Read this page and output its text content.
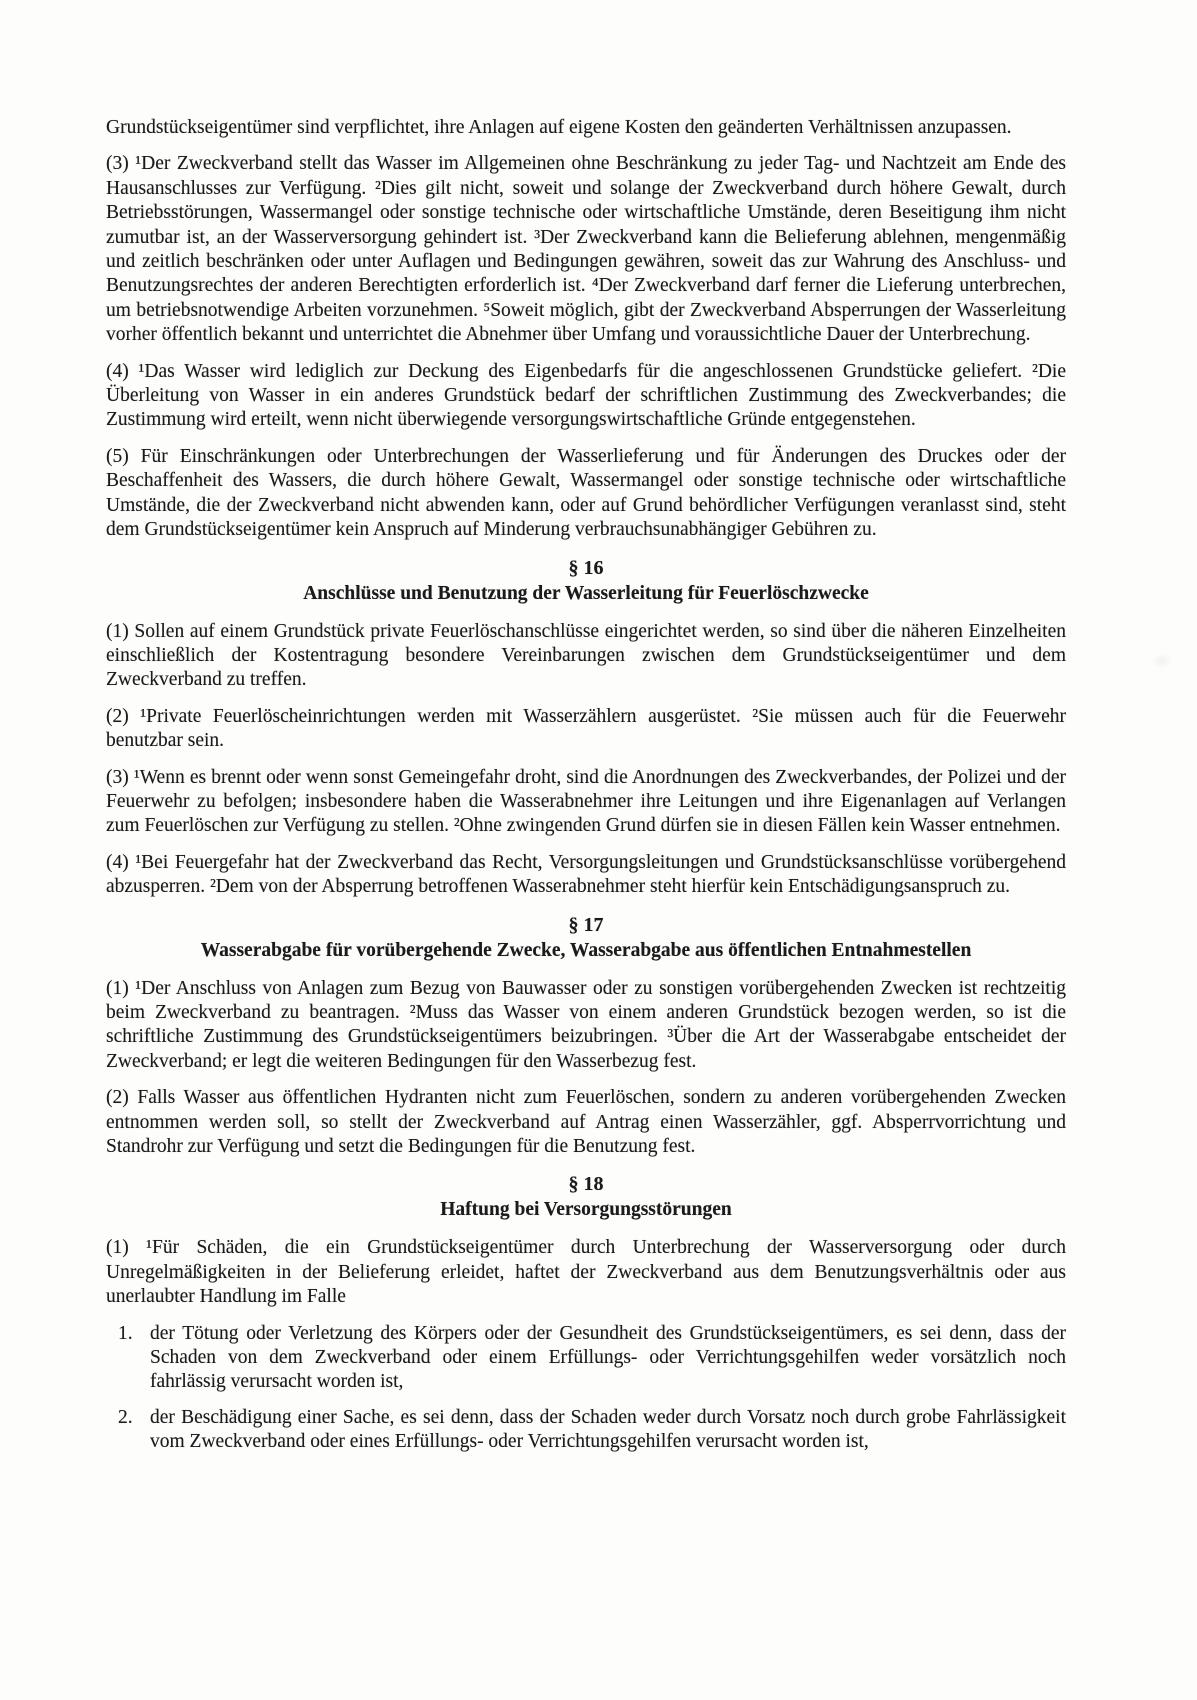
Grundstückseigentümer sind verpflichtet, ihre Anlagen auf eigene Kosten den geänderten Verhältnissen anzupassen.

(3) ¹Der Zweckverband stellt das Wasser im Allgemeinen ohne Beschränkung zu jeder Tag- und Nachtzeit am Ende des Hausanschlusses zur Verfügung. ²Dies gilt nicht, soweit und solange der Zweckverband durch höhere Gewalt, durch Betriebsstörungen, Wassermangel oder sonstige technische oder wirtschaftliche Umstände, deren Beseitigung ihm nicht zumutbar ist, an der Wasserversorgung gehindert ist. ³Der Zweckverband kann die Belieferung ablehnen, mengenmäßig und zeitlich beschränken oder unter Auflagen und Bedingungen gewähren, soweit das zur Wahrung des Anschluss- und Benutzungsrechtes der anderen Berechtigten erforderlich ist. ⁴Der Zweckverband darf ferner die Lieferung unterbrechen, um betriebsnotwendige Arbeiten vorzunehmen. ⁵Soweit möglich, gibt der Zweckverband Absperrungen der Wasserleitung vorher öffentlich bekannt und unterrichtet die Abnehmer über Umfang und voraussichtliche Dauer der Unterbrechung.

(4) ¹Das Wasser wird lediglich zur Deckung des Eigenbedarfs für die angeschlossenen Grundstücke geliefert. ²Die Überleitung von Wasser in ein anderes Grundstück bedarf der schriftlichen Zustimmung des Zweckverbandes; die Zustimmung wird erteilt, wenn nicht überwiegende versorgungswirtschaftliche Gründe entgegenstehen.

(5) Für Einschränkungen oder Unterbrechungen der Wasserlieferung und für Änderungen des Druckes oder der Beschaffenheit des Wassers, die durch höhere Gewalt, Wassermangel oder sonstige technische oder wirtschaftliche Umstände, die der Zweckverband nicht abwenden kann, oder auf Grund behördlicher Verfügungen veranlasst sind, steht dem Grundstückseigentümer kein Anspruch auf Minderung verbrauchsunabhängiger Gebühren zu.

§ 16
Anschlüsse und Benutzung der Wasserleitung für Feuerlöschzwecke

(1) Sollen auf einem Grundstück private Feuerlöschanschlüsse eingerichtet werden, so sind über die näheren Einzelheiten einschließlich der Kostentragung besondere Vereinbarungen zwischen dem Grundstückseigentümer und dem Zweckverband zu treffen.

(2) ¹Private Feuerlöscheinrichtungen werden mit Wasserzählern ausgerüstet. ²Sie müssen auch für die Feuerwehr benutzbar sein.

(3) ¹Wenn es brennt oder wenn sonst Gemeingefahr droht, sind die Anordnungen des Zweckverbandes, der Polizei und der Feuerwehr zu befolgen; insbesondere haben die Wasserabnehmer ihre Leitungen und ihre Eigenanlagen auf Verlangen zum Feuerlöschen zur Verfügung zu stellen. ²Ohne zwingenden Grund dürfen sie in diesen Fällen kein Wasser entnehmen.

(4) ¹Bei Feuergefahr hat der Zweckverband das Recht, Versorgungsleitungen und Grundstücksanschlüsse vorübergehend abzusperren. ²Dem von der Absperrung betroffenen Wasserabnehmer steht hierfür kein Entschädigungsanspruch zu.

§ 17
Wasserabgabe für vorübergehende Zwecke, Wasserabgabe aus öffentlichen Entnahmestellen

(1) ¹Der Anschluss von Anlagen zum Bezug von Bauwasser oder zu sonstigen vorübergehenden Zwecken ist rechtzeitig beim Zweckverband zu beantragen. ²Muss das Wasser von einem anderen Grundstück bezogen werden, so ist die schriftliche Zustimmung des Grundstückseigentümers beizubringen. ³Über die Art der Wasserabgabe entscheidet der Zweckverband; er legt die weiteren Bedingungen für den Wasserbezug fest.

(2) Falls Wasser aus öffentlichen Hydranten nicht zum Feuerlöschen, sondern zu anderen vorübergehenden Zwecken entnommen werden soll, so stellt der Zweckverband auf Antrag einen Wasserzähler, ggf. Absperrvorrichtung und Standrohr zur Verfügung und setzt die Bedingungen für die Benutzung fest.

§ 18
Haftung bei Versorgungsstörungen

(1) ¹Für Schäden, die ein Grundstückseigentümer durch Unterbrechung der Wasserversorgung oder durch Unregelmäßigkeiten in der Belieferung erleidet, haftet der Zweckverband aus dem Benutzungsverhältnis oder aus unerlaubter Handlung im Falle

1. der Tötung oder Verletzung des Körpers oder der Gesundheit des Grundstückseigentümers, es sei denn, dass der Schaden von dem Zweckverband oder einem Erfüllungs- oder Verrichtungsgehilfen weder vorsätzlich noch fahrlässig verursacht worden ist,
2. der Beschädigung einer Sache, es sei denn, dass der Schaden weder durch Vorsatz noch durch grobe Fahrlässigkeit vom Zweckverband oder eines Erfüllungs- oder Verrichtungsgehilfen verursacht worden ist,
